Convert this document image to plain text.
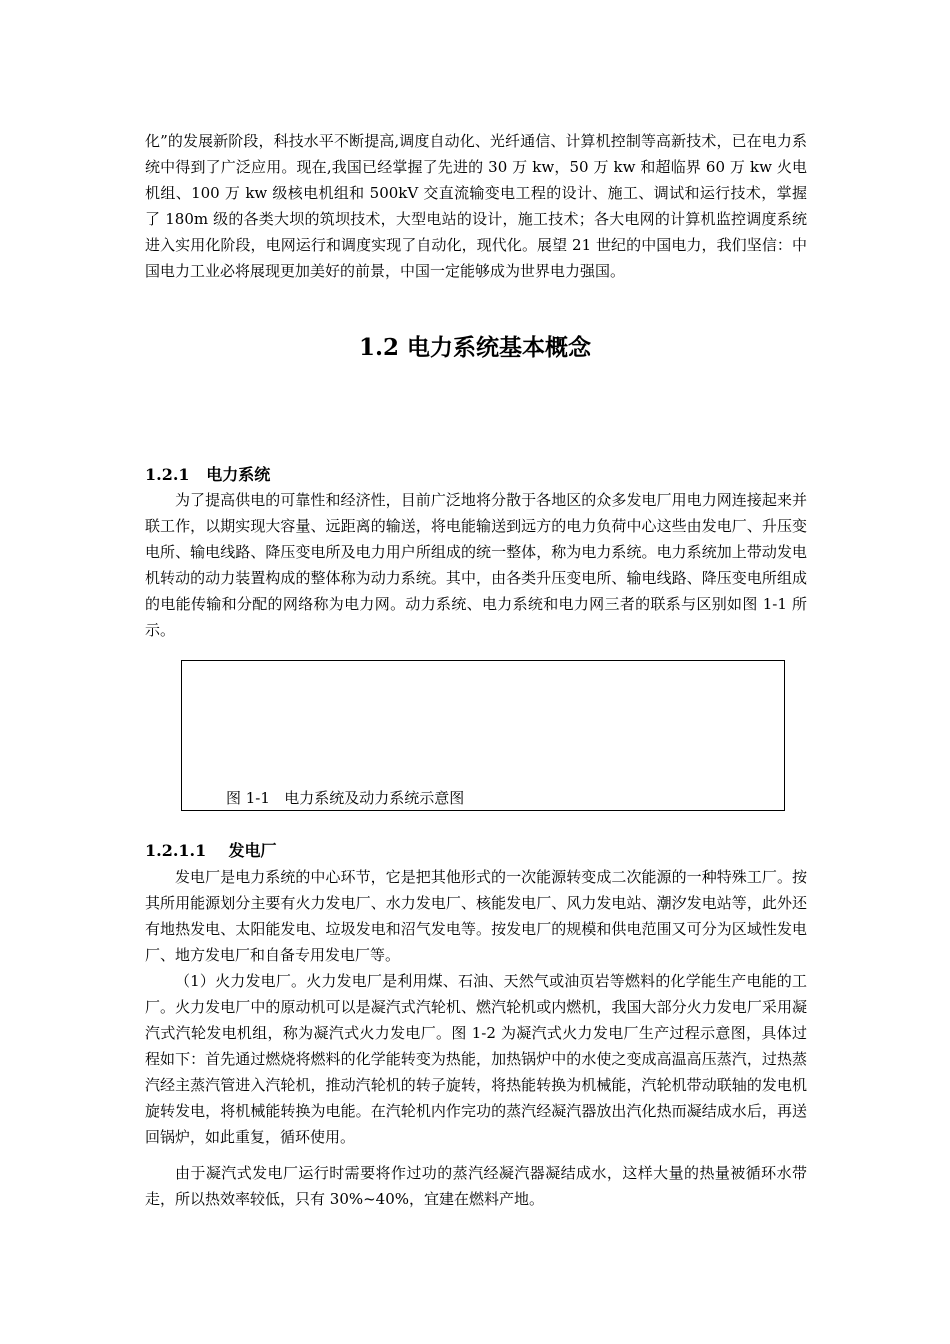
化”的发展新阶段，科技水平不断提高,调度自动化、光纤通信、计算机控制等高新技术，已在电力系统中得到了广泛应用。现在,我国已经掌握了先进的 30 万 kw，50 万 kw 和超临界 60 万 kw 火电机组、100 万 kw 级核电机组和 500kV 交直流输变电工程的设计、施工、调试和运行技术，掌握了 180m 级的各类大坝的筑坝技术，大型电站的设计，施工技术；各大电网的计算机监控调度系统进入实用化阶段，电网运行和调度实现了自动化，现代化。展望 21 世纪的中国电力，我们坚信：中国电力工业必将展现更加美好的前景，中国一定能够成为世界电力强国。

1.2 电力系统基本概念
1.2.1   电力系统

为了提高供电的可靠性和经济性，目前广泛地将分散于各地区的众多发电厂用电力网连接起来并联工作，以期实现大容量、远距离的输送，将电能输送到远方的电力负荷中心这些由发电厂、升压变电所、输电线路、降压变电所及电力用户所组成的统一整体，称为电力系统。电力系统加上带动发电机转动的动力装置构成的整体称为动力系统。其中，由各类升压变电所、输电线路、降压变电所组成的电能传输和分配的网络称为电力网。动力系统、电力系统和电力网三者的联系与区别如图 1-1 所示。

图 1-1   电力系统及动力系统示意图
1.2.1.1    发电厂

发电厂是电力系统的中心环节，它是把其他形式的一次能源转变成二次能源的一种特殊工厂。按其所用能源划分主要有火力发电厂、水力发电厂、核能发电厂、风力发电站、潮汐发电站等，此外还有地热发电、太阳能发电、垃圾发电和沼气发电等。按发电厂的规模和供电范围又可分为区域性发电厂、地方发电厂和自备专用发电厂等。

（1）火力发电厂。火力发电厂是利用煤、石油、天然气或油页岩等燃料的化学能生产电能的工厂。火力发电厂中的原动机可以是凝汽式汽轮机、燃汽轮机或内燃机，我国大部分火力发电厂采用凝汽式汽轮发电机组，称为凝汽式火力发电厂。图 1-2 为凝汽式火力发电厂生产过程示意图，具体过程如下：首先通过燃烧将燃料的化学能转变为热能，加热锅炉中的水使之变成高温高压蒸汽，过热蒸汽经主蒸汽管进入汽轮机，推动汽轮机的转子旋转，将热能转换为机械能，汽轮机带动联轴的发电机旋转发电，将机械能转换为电能。在汽轮机内作完功的蒸汽经凝汽器放出汽化热而凝结成水后，再送回锅炉，如此重复，循环使用。

由于凝汽式发电厂运行时需要将作过功的蒸汽经凝汽器凝结成水，这样大量的热量被循环水带走，所以热效率较低，只有 30%~40%，宜建在燃料产地。
